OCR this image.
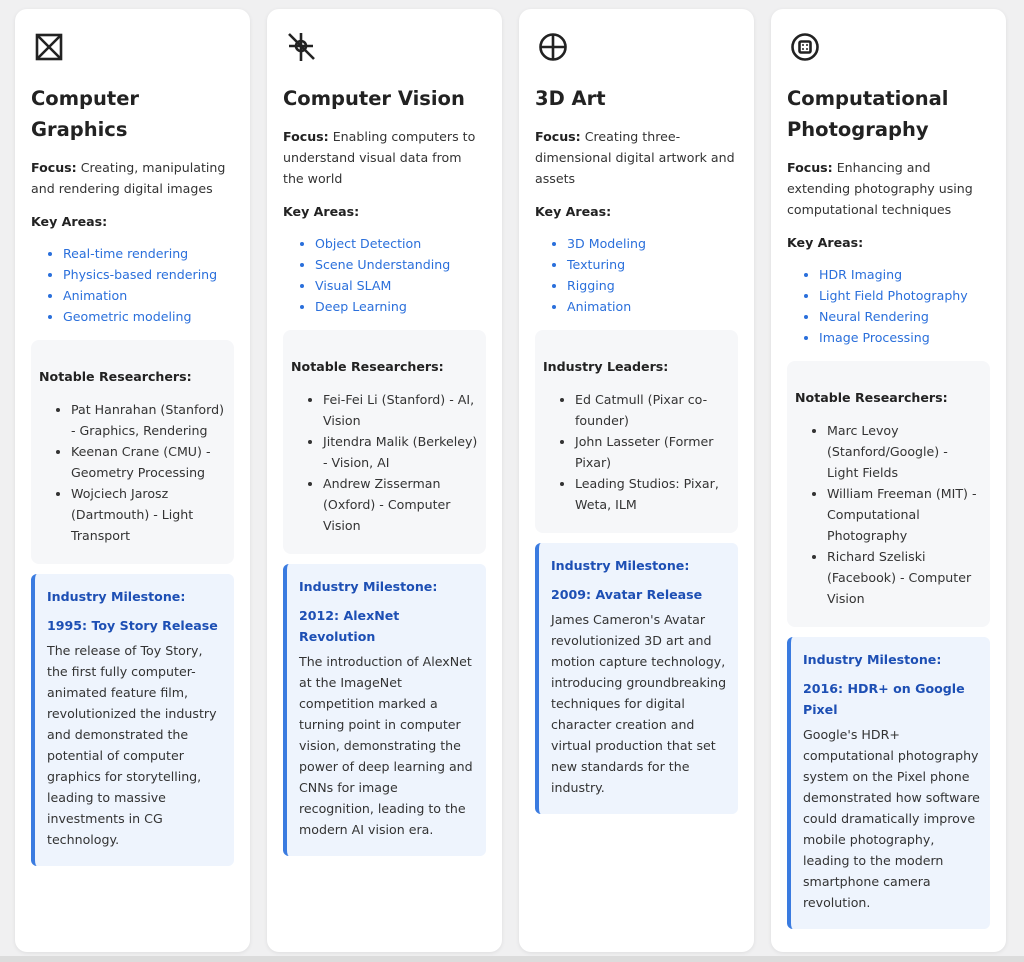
Computer Graphics

Focus: Creating, manipulating and rendering digital images

Key Areas:
• Real-time rendering
• Physics-based rendering
• Animation
• Geometric modeling
Notable Researchers:
• Pat Hanrahan (Stanford) - Graphics, Rendering
• Keenan Crane (CMU) - Geometry Processing
• Wojciech Jarosz (Dartmouth) - Light Transport
Industry Milestone:
1995: Toy Story Release
The release of Toy Story, the first fully computer-animated feature film, revolutionized the industry and demonstrated the potential of computer graphics for storytelling, leading to massive investments in CG technology.
Computer Vision

Focus: Enabling computers to understand visual data from the world

Key Areas:
• Object Detection
• Scene Understanding
• Visual SLAM
• Deep Learning
Notable Researchers:
• Fei-Fei Li (Stanford) - AI, Vision
• Jitendra Malik (Berkeley) - Vision, AI
• Andrew Zisserman (Oxford) - Computer Vision
Industry Milestone:
2012: AlexNet Revolution
The introduction of AlexNet at the ImageNet competition marked a turning point in computer vision, demonstrating the power of deep learning and CNNs for image recognition, leading to the modern AI vision era.
3D Art

Focus: Creating three-dimensional digital artwork and assets

Key Areas:
• 3D Modeling
• Texturing
• Rigging
• Animation
Industry Leaders:
• Ed Catmull (Pixar co-founder)
• John Lasseter (Former Pixar)
• Leading Studios: Pixar, Weta, ILM
Industry Milestone:
2009: Avatar Release
James Cameron's Avatar revolutionized 3D art and motion capture technology, introducing groundbreaking techniques for digital character creation and virtual production that set new standards for the industry.
Computational Photography

Focus: Enhancing and extending photography using computational techniques

Key Areas:
• HDR Imaging
• Light Field Photography
• Neural Rendering
• Image Processing
Notable Researchers:
• Marc Levoy (Stanford/Google) - Light Fields
• William Freeman (MIT) - Computational Photography
• Richard Szeliski (Facebook) - Computer Vision
Industry Milestone:
2016: HDR+ on Google Pixel
Google's HDR+ computational photography system on the Pixel phone demonstrated how software could dramatically improve mobile photography, leading to the modern smartphone camera revolution.
